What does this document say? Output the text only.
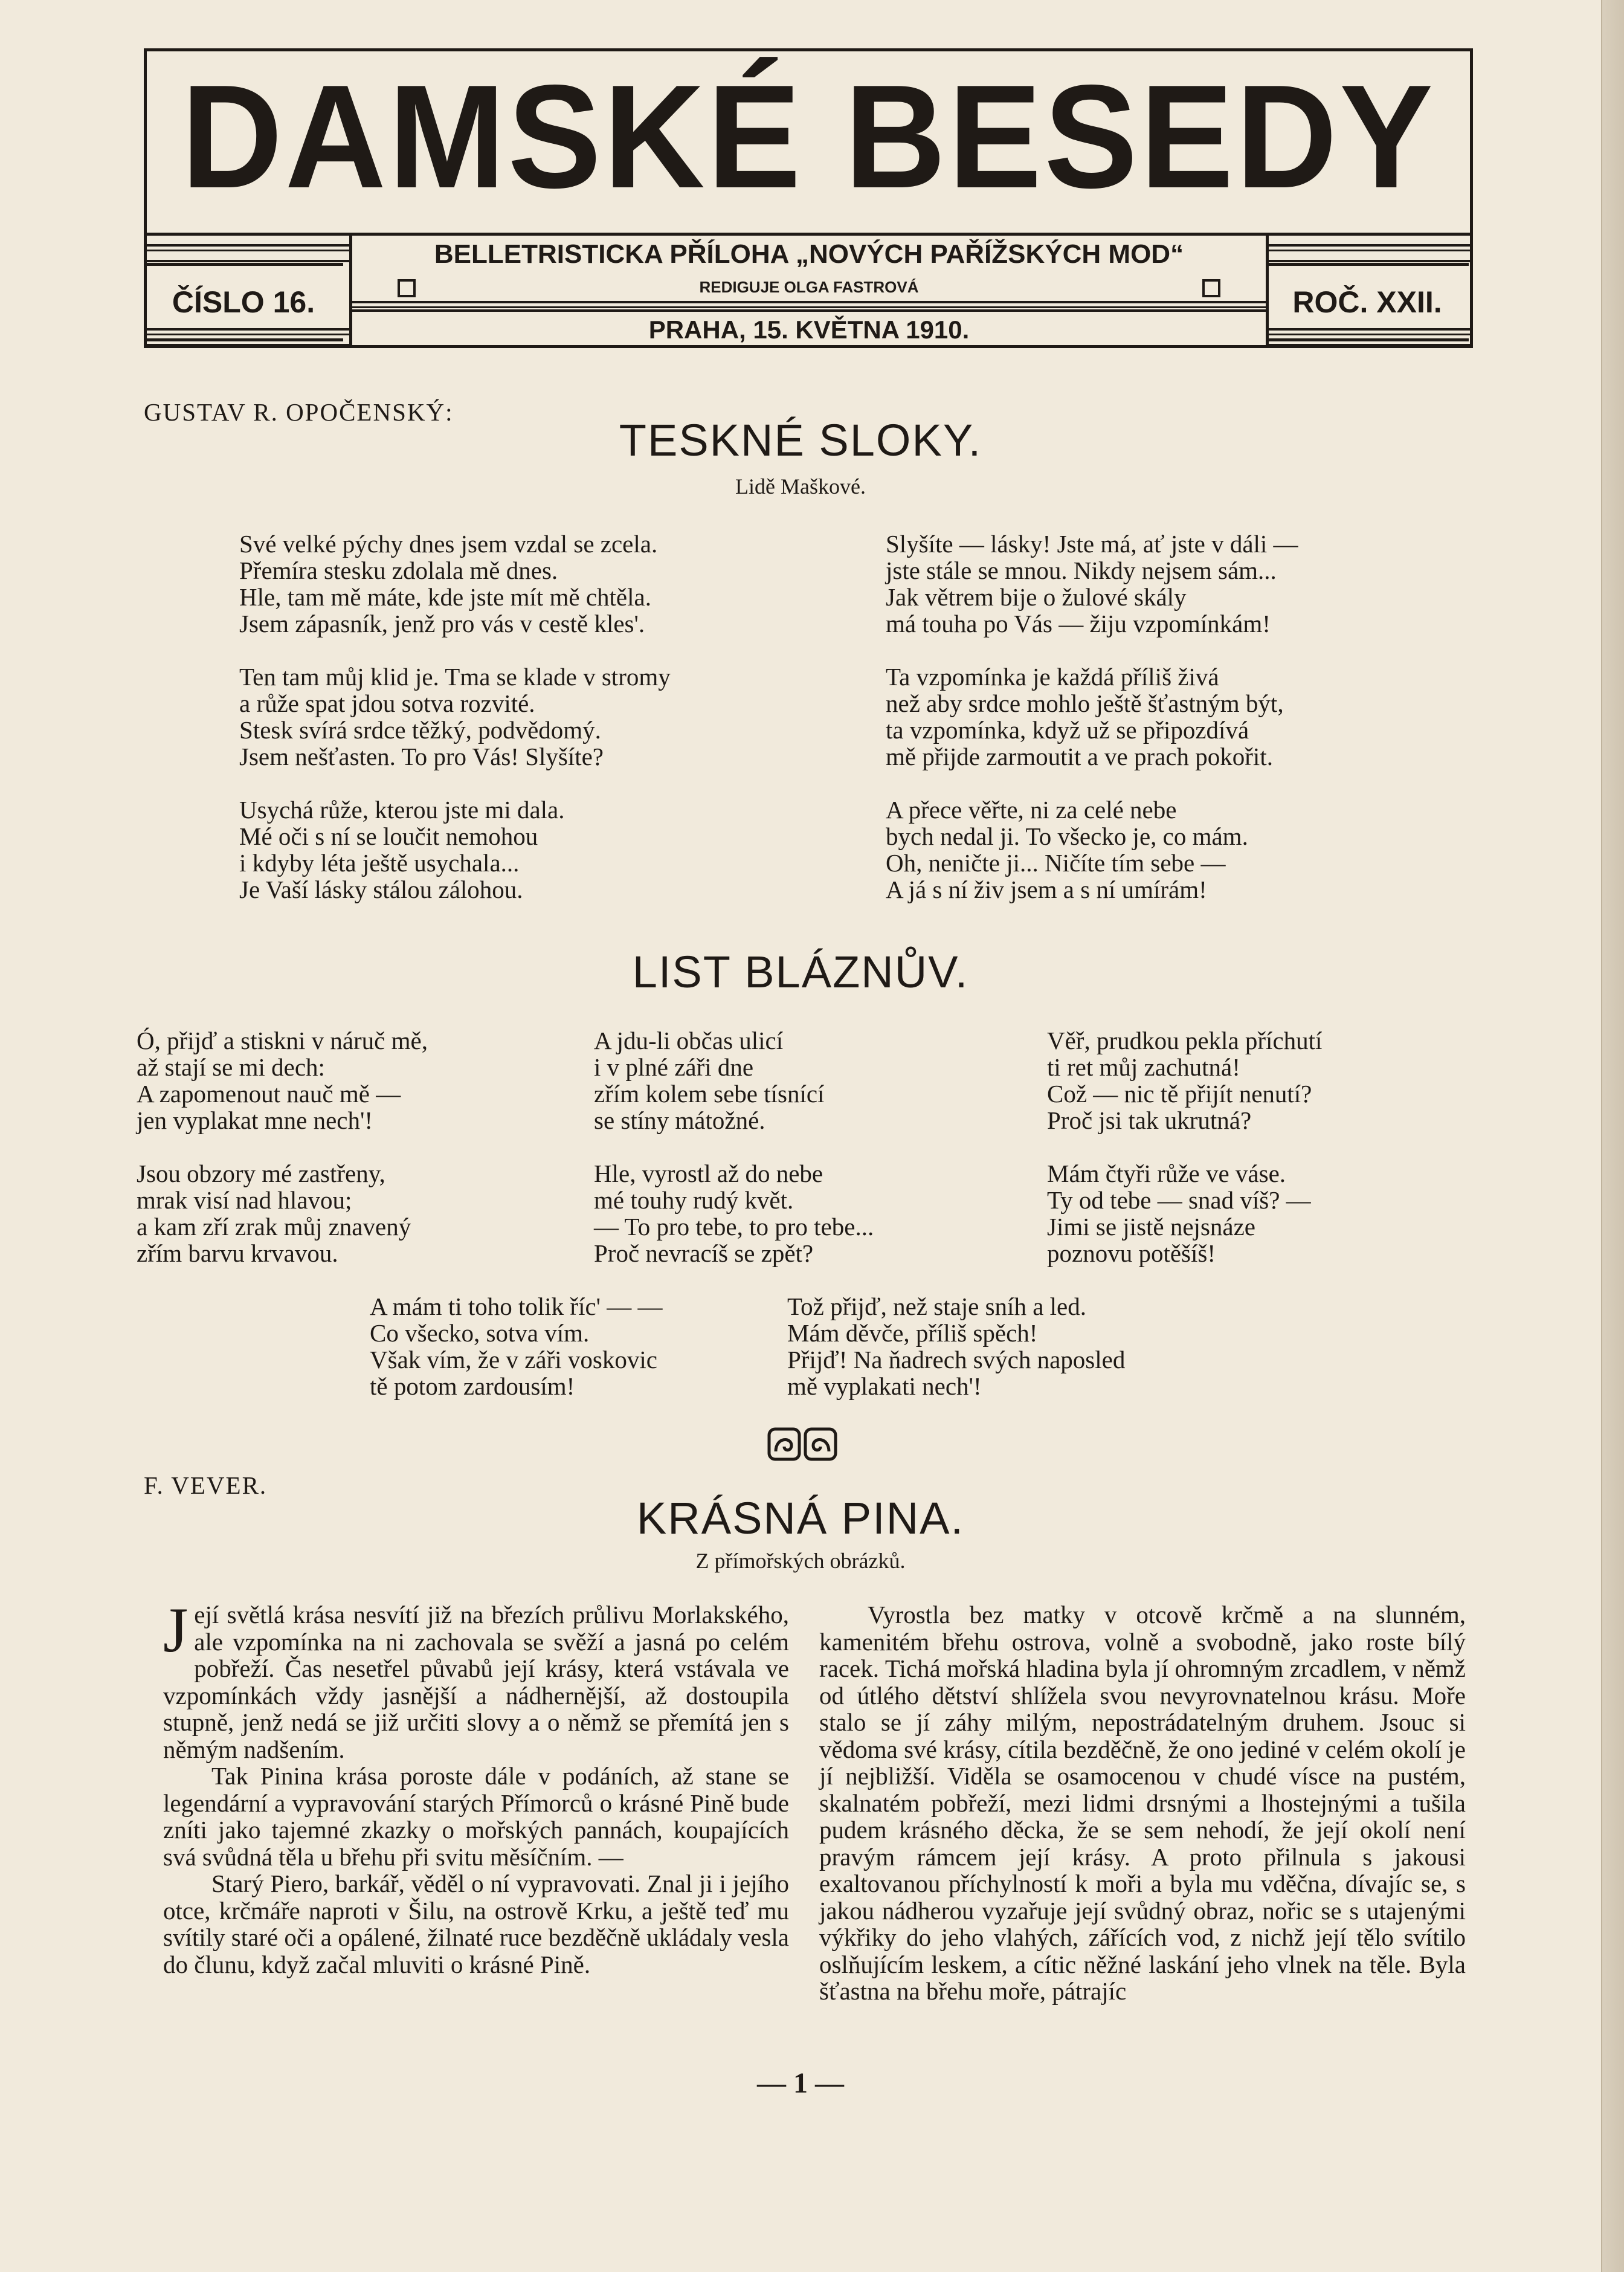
DAMSKÉ BESEDY
ČÍSLO 16.	ROČ. XXII.
BELLETRISTICKA PŘÍLOHA „NOVÝCH PAŘÍŽSKÝCH MOD“
REDIGUJE OLGA FASTROVÁ
PRAHA, 15. KVĚTNA 1910.
GUSTAV R. OPOČENSKÝ:
TESKNÉ SLOKY.
Lidě Maškové.
Své velké pýchy dnes jsem vzdal se zcela.
Přemíra stesku zdolala mě dnes.
Hle, tam mě máte, kde jste mít mě chtěla.
Jsem zápasník, jenž pro vás v cestě kles'.
Ten tam můj klid je. Tma se klade v stromy
a růže spat jdou sotva rozvité.
Stesk svírá srdce těžký, podvědomý.
Jsem nešťasten. To pro Vás! Slyšíte?
Usychá růže, kterou jste mi dala.
Mé oči s ní se loučit nemohou
i kdyby léta ještě usychala...
Je Vaší lásky stálou zálohou.
Slyšíte — lásky! Jste má, ať jste v dáli —
jste stále se mnou. Nikdy nejsem sám...
Jak větrem bije o žulové skály
má touha po Vás — žiju vzpomínkám!
Ta vzpomínka je každá příliš živá
než aby srdce mohlo ještě šťastným být,
ta vzpomínka, když už se připozdívá
mě přijde zarmoutit a ve prach pokořit.
A přece věřte, ni za celé nebe
bych nedal ji. To všecko je, co mám.
Oh, neničte ji... Ničíte tím sebe —
A já s ní živ jsem a s ní umírám!
LIST BLÁZNŮV.
Ó, přijď a stiskni v náruč mě,
až stají se mi dech:
A zapomenout nauč mě —
jen vyplakat mne nech'!
Jsou obzory mé zastřeny,
mrak visí nad hlavou;
a kam zří zrak můj znavený
zřím barvu krvavou.
A jdu-li občas ulicí
i v plné záři dne
zřím kolem sebe tísnící
se stíny mátožné.
Hle, vyrostl až do nebe
mé touhy rudý květ.
— To pro tebe, to pro tebe...
Proč nevracíš se zpět?
Věř, prudkou pekla příchutí
ti ret můj zachutná!
Což — nic tě přijít nenutí?
Proč jsi tak ukrutná?
Mám čtyři růže ve váse.
Ty od tebe — snad víš? —
Jimi se jistě nejsnáze
poznovu potěšíš!
A mám ti toho tolik říc' — —
Co všecko, sotva vím.
Však vím, že v záři voskovic
tě potom zardousím!
Tož přijď, než staje sníh a led.
Mám děvče, příliš spěch!
Přijď! Na ňadrech svých naposled
mě vyplakati nech'!
F. VEVER.
KRÁSNÁ PINA.
Z přímořských obrázků.

Její světlá krása nesvítí již na březích průlivu Morlakského, ale vzpomínka na ni zachovala se svěží a jasná po celém pobřeží. Čas nesetřel půvabů její krásy, která vstávala ve vzpomínkách vždy jasnější a nádhernější, až dostoupila stupně, jenž nedá se již určiti slovy a o němž se přemítá jen s němým nadšením.

Tak Pinina krása poroste dále v podáních, až stane se legendární a vypravování starých Přímorců o krásné Pině bude zníti jako tajemné zkazky o mořských pannách, koupajících svá svůdná těla u břehu při svitu měsíčním. —

Starý Piero, barkář, věděl o ní vypravovati. Znal ji i jejího otce, krčmáře naproti v Šilu, na ostrově Krku, a ještě teď mu svítily staré oči a opálené, žilnaté ruce bezděčně ukládaly vesla do člunu, když začal mluviti o krásné Pině.

Vyrostla bez matky v otcově krčmě a na slunném, kamenitém břehu ostrova, volně a svobodně, jako roste bílý racek. Tichá mořská hladina byla jí ohromným zrcadlem, v němž od útlého dětství shlížela svou nevyrovnatelnou krásu. Moře stalo se jí záhy milým, nepostrádatelným druhem. Jsouc si vědoma své krásy, cítila bezděčně, že ono jediné v celém okolí je jí nejbližší. Viděla se osamocenou v chudé vísce na pustém, skalnatém pobřeží, mezi lidmi drsnými a lhostejnými a tušila pudem krásného děcka, že se sem nehodí, že její okolí není pravým rámcem její krásy. A proto přilnula s jakousi exaltovanou příchylností k moři a byla mu vděčna, dívajíc se, s jakou nádherou vyzařuje její svůdný obraz, nořic se s utajenými výkřiky do jeho vlahých, zářících vod, z nichž její tělo svítilo oslňujícím leskem, a cític něžné laskání jeho vlnek na těle. Byla šťastna na břehu moře, pátrajíc

— 1 —
